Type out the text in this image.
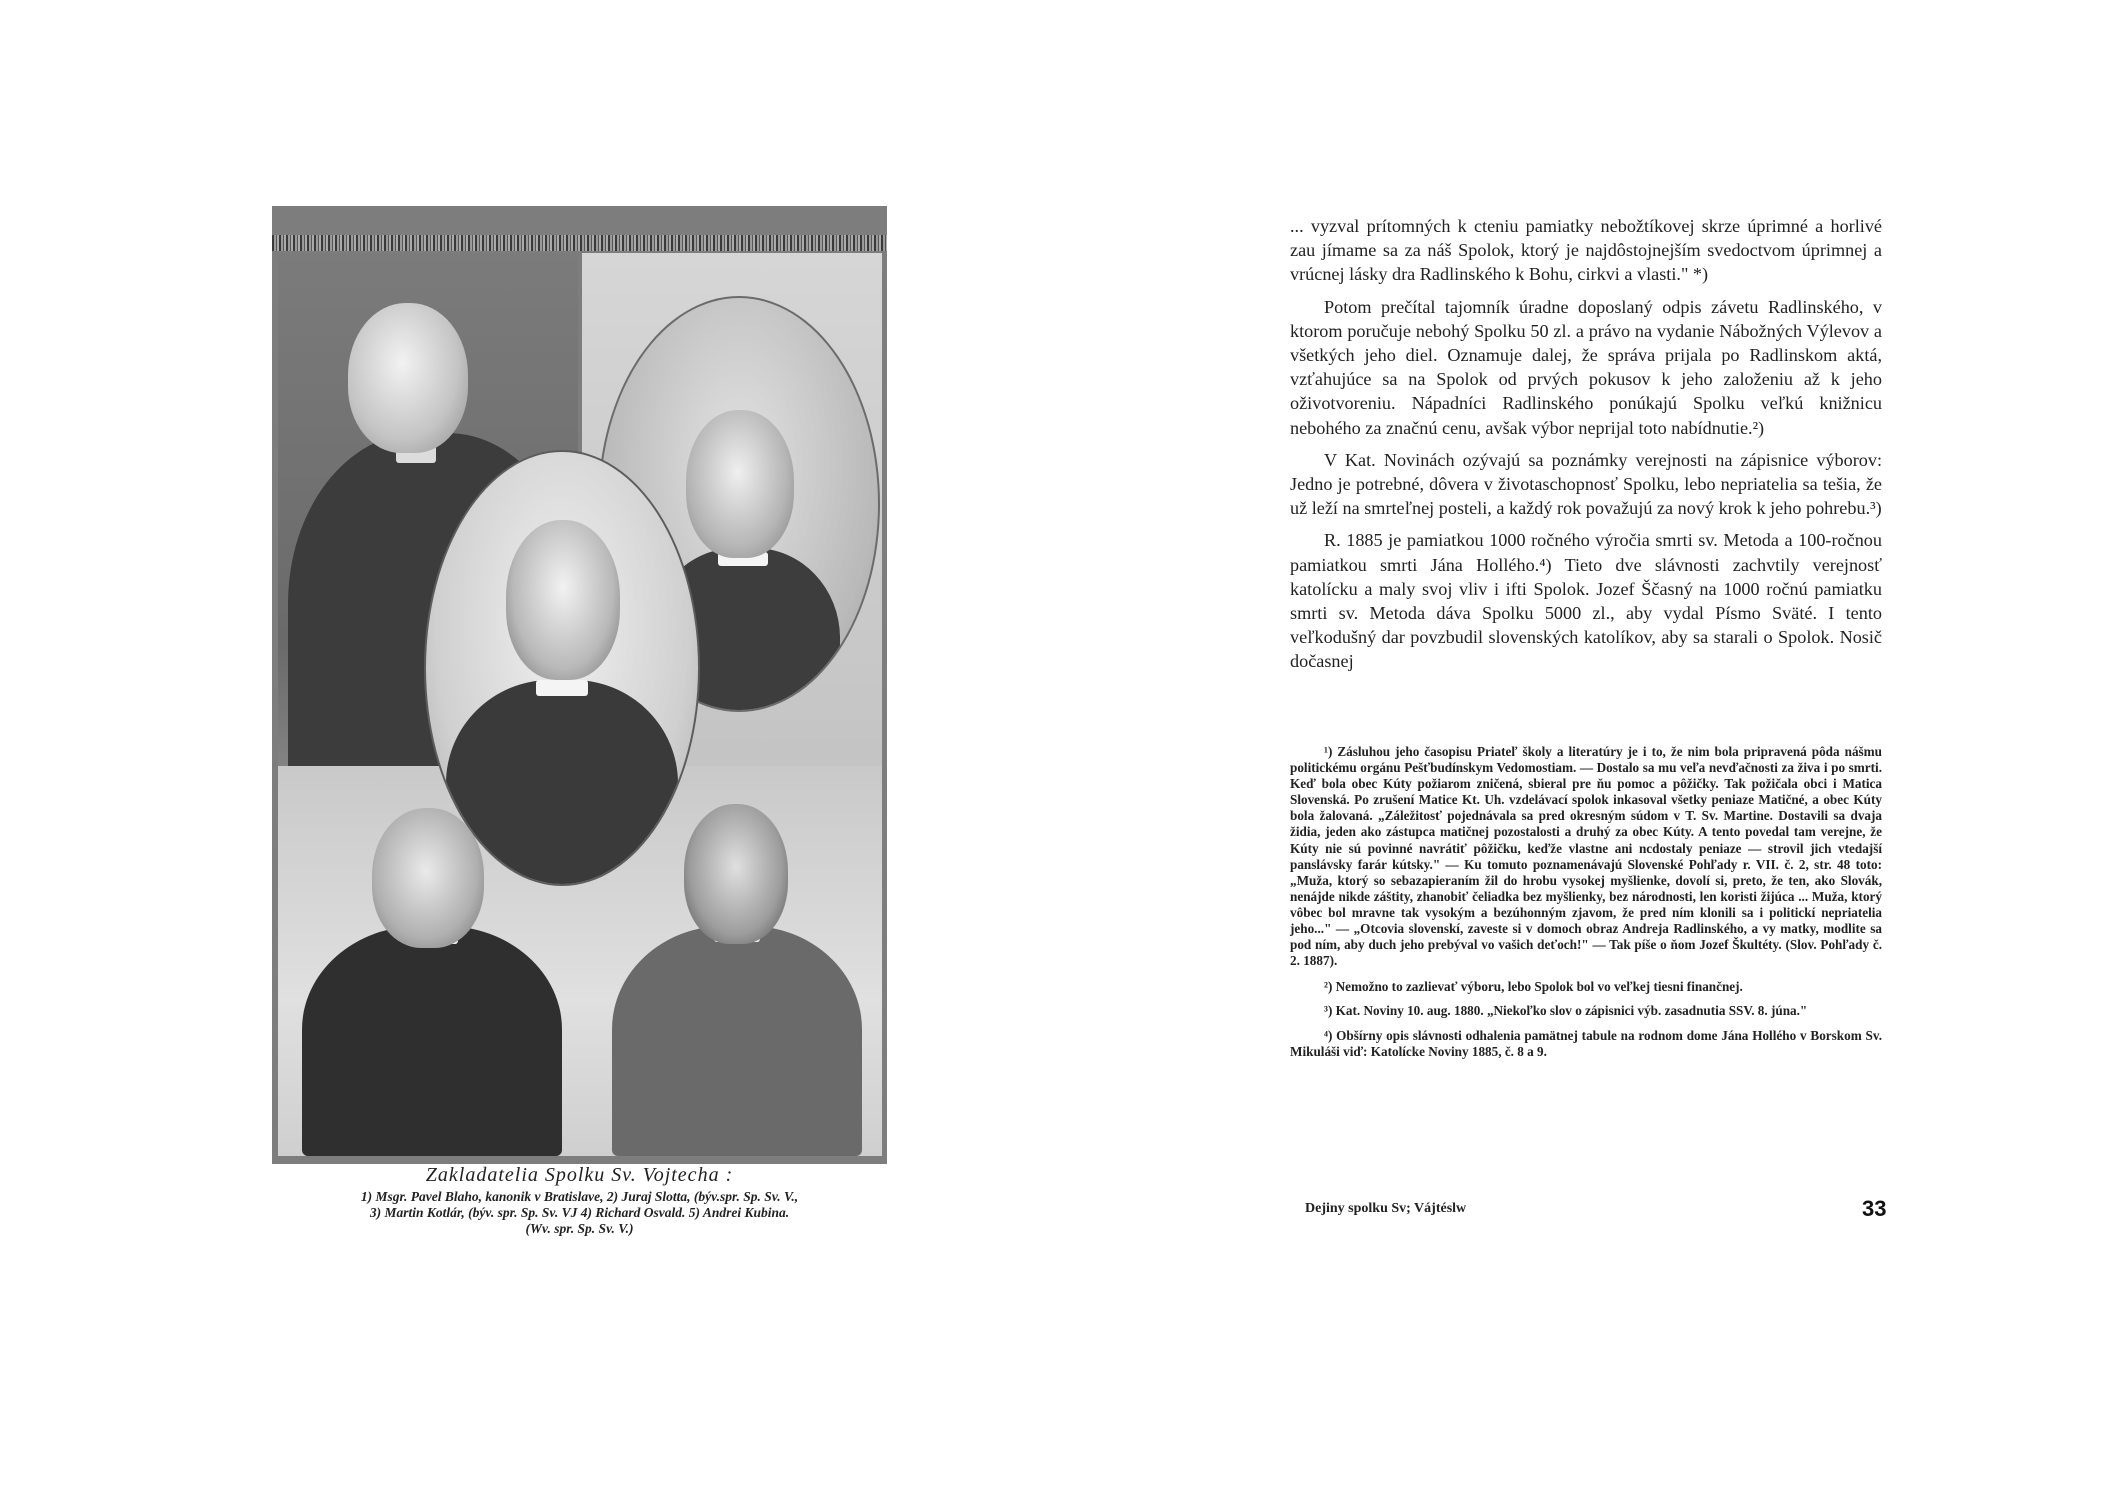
Zakladatelia Spolku Sv. Vojtecha :
1) Msgr. Pavel Blaho, kanonik v Bratislave, 2) Juraj Slotta, (býv.spr. Sp. Sv. V.,
3) Martin Kotlár, (býv. spr. Sp. Sv. VJ 4) Richard Osvald. 5) Andrei Kubina.
(Wv. spr. Sp. Sv. V.)

... vyzval prítomných k cteniu pamiatky nebožtíkovej skrze úprimné a horlivé zau jímame sa za náš Spolok, ktorý je najdôstojnejším svedoctvom úprimnej a vrúcnej lásky dra Radlinského k Bohu, cirkvi a vlasti." *)

Potom prečítal tajomník úradne doposlaný odpis závetu Radlinského, v ktorom poručuje nebohý Spolku 50 zl. a právo na vydanie Nábožných Výlevov a všetkých jeho diel. Oznamuje dalej, že správa prijala po Radlinskom aktá, vzťahujúce sa na Spolok od prvých pokusov k jeho založeniu až k jeho oživotvoreniu. Nápadníci Radlinského ponúkajú Spolku veľkú knižnicu nebohého za značnú cenu, avšak výbor neprijal toto nabídnutie.²)

V Kat. Novinách ozývajú sa poznámky verejnosti na zápisnice výborov: Jedno je potrebné, dôvera v životaschopnosť Spolku, lebo nepriatelia sa tešia, že už leží na smrteľnej posteli, a každý rok považujú za nový krok k jeho pohrebu.³)

R. 1885 je pamiatkou 1000 ročného výročia smrti sv. Metoda a 100-ročnou pamiatkou smrti Jána Hollého.⁴) Tieto dve slávnosti zachvtily verejnosť katolícku a maly svoj vliv i ifti Spolok. Jozef Ščasný na 1000 ročnú pamiatku smrti sv. Metoda dáva Spolku 5000 zl., aby vydal Písmo Sväté. I tento veľkodušný dar povzbudil slovenských katolíkov, aby sa starali o Spolok. Nosič dočasnej

¹) Zásluhou jeho časopisu Priateľ školy a literatúry je i to, že nim bola pripravená pôda nášmu politickému orgánu Pešťbudínskym Vedomostiam. — Dostalo sa mu veľa nevďačnosti za živa i po smrti. Keď bola obec Kúty požiarom zničená, sbieral pre ňu pomoc a pôžičky. Tak požičala obci i Matica Slovenská. Po zrušení Matice Kt. Uh. vzdelávací spolok inkasoval všetky peniaze Matičné, a obec Kúty bola žalovaná. „Záležitosť pojednávala sa pred okresným súdom v T. Sv. Martine. Dostavili sa dvaja židia, jeden ako zástupca matičnej pozostalosti a druhý za obec Kúty. A tento povedal tam verejne, že Kúty nie sú povinné navrátiť pôžičku, keďže vlastne ani ncdostaly peniaze — strovil jich vtedajší panslávsky farár kútsky." — Ku tomuto poznamenávajú Slovenské Pohľady r. VII. č. 2, str. 48 toto: „Muža, ktorý so sebazapieraním žil do hrobu vysokej myšlienke, dovolí si, preto, že ten, ako Slovák, nenájde nikde záštity, zhanobiť čeliadka bez myšlienky, bez národnosti, len koristi žijúca ... Muža, ktorý vôbec bol mravne tak vysokým a bezúhonným zjavom, že pred ním klonili sa i politickí nepriatelia jeho..." — „Otcovia slovenskí, zaveste si v domoch obraz Andreja Radlinského, a vy matky, modlite sa pod ním, aby duch jeho prebýval vo vašich deťoch!" — Tak píše o ňom Jozef Škultéty. (Slov. Pohľady č. 2. 1887).

²) Nemožno to zazlievať výboru, lebo Spolok bol vo veľkej tiesni finančnej.

³) Kat. Noviny 10. aug. 1880. „Niekoľko slov o zápisnici výb. zasadnutia SSV. 8. júna."

⁴) Obšírny opis slávnosti odhalenia pamätnej tabule na rodnom dome Jána Hollého v Borskom Sv. Mikuláši viď: Katolícke Noviny 1885, č. 8 a 9.

Dejiny spolku Sv; Vájtéslw	33
